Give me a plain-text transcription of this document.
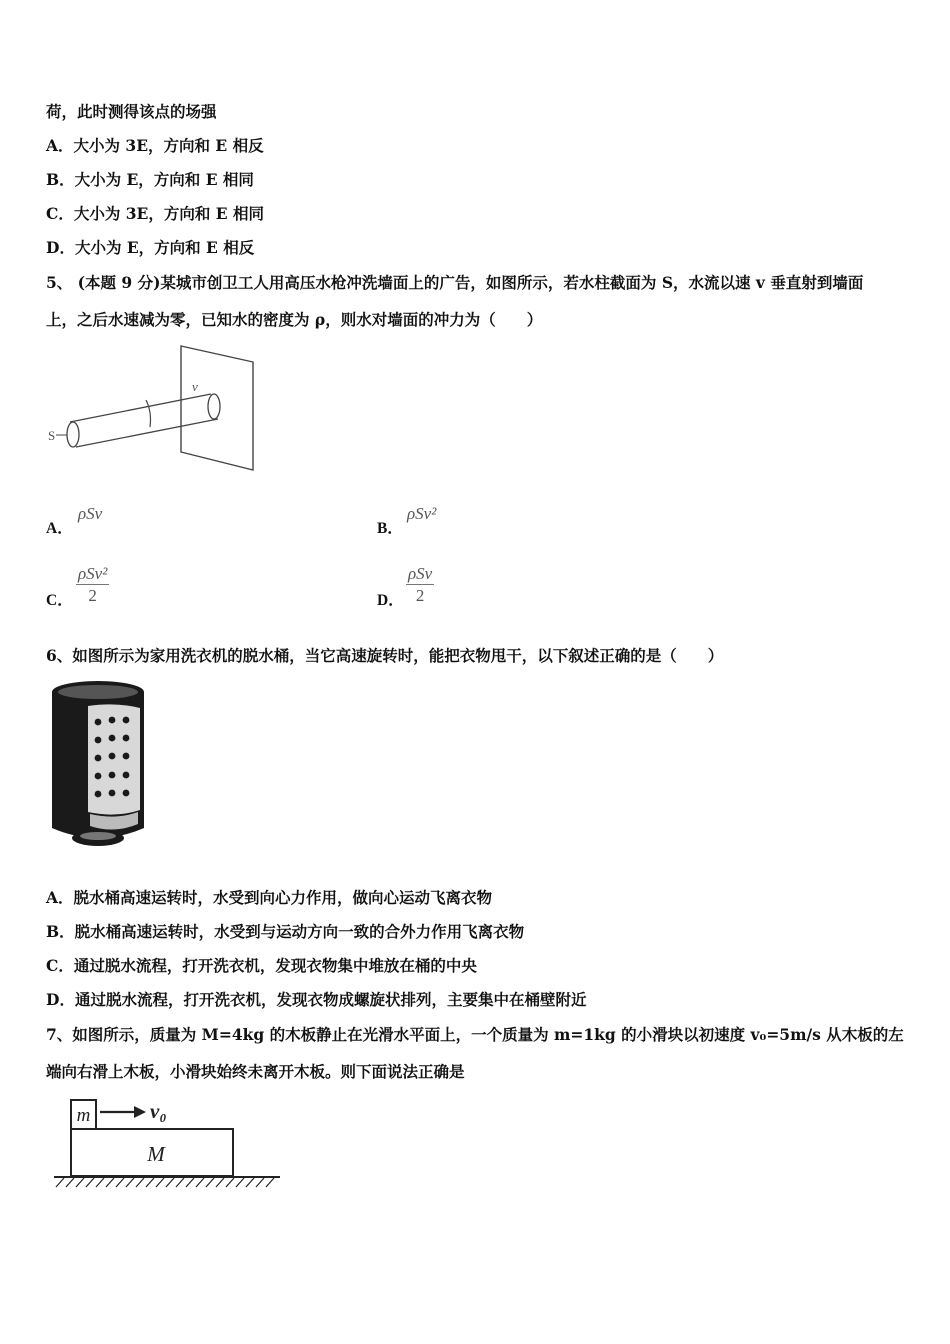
荷，此时测得该点的场强
A．大小为 3E，方向和 E 相反
B．大小为 E，方向和 E 相同
C．大小为 3E，方向和 E 相同
D．大小为 E，方向和 E 相反
5、 (本题 9 分)某城市创卫工人用高压水枪冲洗墙面上的广告，如图所示，若水柱截面为 S，水流以速 v 垂直射到墙面
上，之后水速减为零，已知水的密度为 ρ，则水对墙面的冲力为（　　）
S
v
A．
ρSv
B．
ρSv²
C．
ρSv²
2	D．
ρSv
2
6、如图所示为家用洗衣机的脱水桶，当它高速旋转时，能把衣物甩干，以下叙述正确的是（　　）
A．脱水桶高速运转时，水受到向心力作用，做向心运动飞离衣物
B．脱水桶高速运转时，水受到与运动方向一致的合外力作用飞离衣物
C．通过脱水流程，打开洗衣机，发现衣物集中堆放在桶的中央
D．通过脱水流程，打开洗衣机，发现衣物成螺旋状排列，主要集中在桶壁附近
7、如图所示，质量为 M=4kg 的木板静止在光滑水平面上，一个质量为 m=1kg 的小滑块以初速度 v₀=5m/s 从木板的左
端向右滑上木板，小滑块始终未离开木板。则下面说法正确是
m	v₀
M
